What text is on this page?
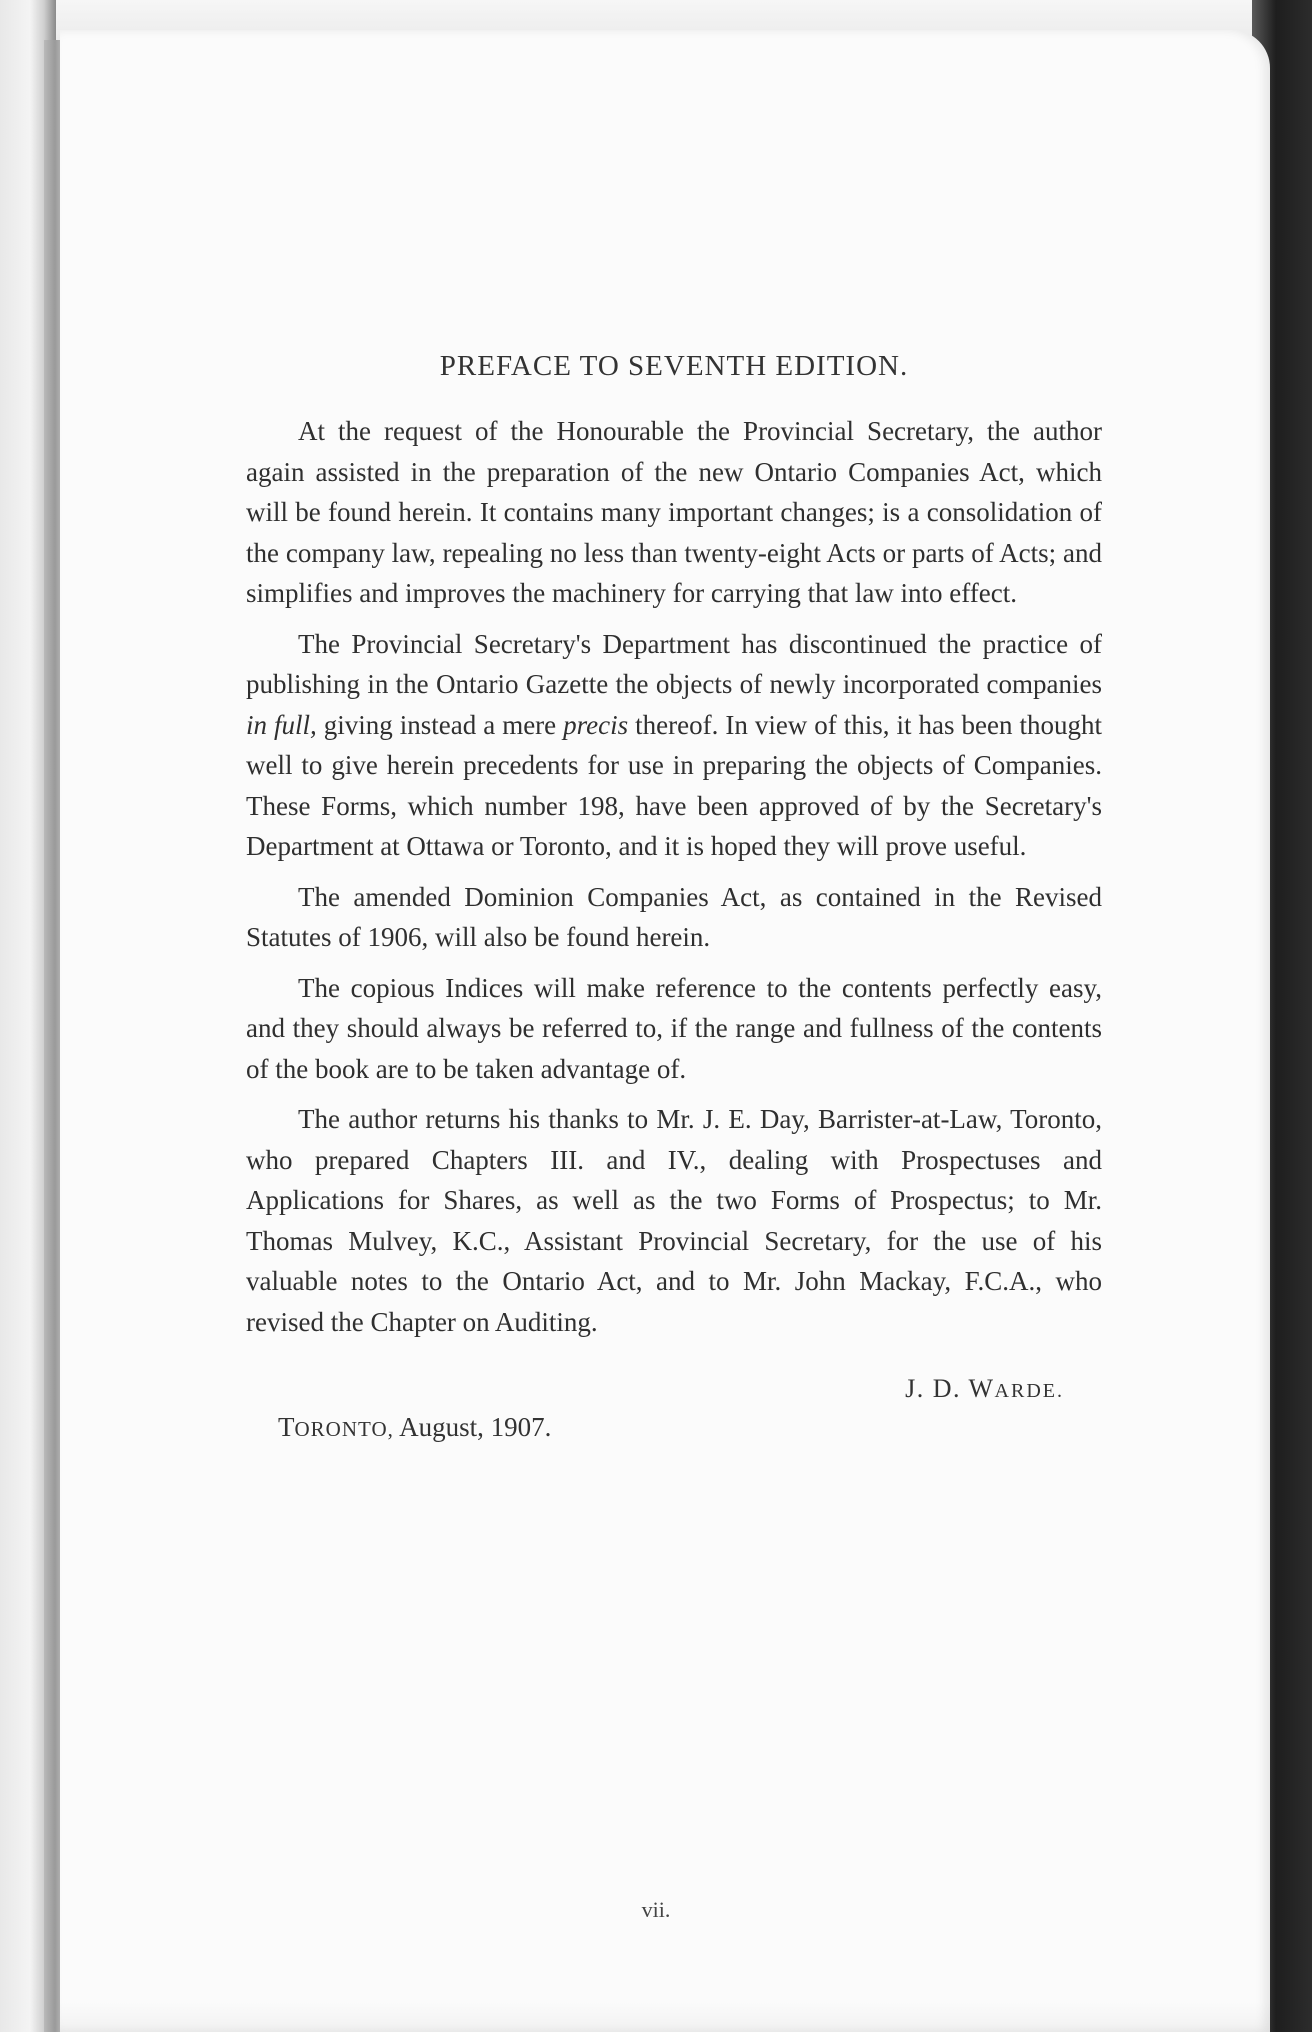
PREFACE TO SEVENTH EDITION.

At the request of the Honourable the Provincial Secretary, the author again assisted in the preparation of the new Ontario Companies Act, which will be found herein. It contains many important changes; is a consolidation of the company law, repealing no less than twenty-eight Acts or parts of Acts; and simplifies and improves the machinery for carrying that law into effect.

The Provincial Secretary's Department has discontinued the practice of publishing in the Ontario Gazette the objects of newly incorporated companies in full, giving instead a mere precis thereof. In view of this, it has been thought well to give herein precedents for use in preparing the objects of Companies. These Forms, which number 198, have been approved of by the Secretary's Department at Ottawa or Toronto, and it is hoped they will prove useful.

The amended Dominion Companies Act, as contained in the Revised Statutes of 1906, will also be found herein.

The copious Indices will make reference to the contents perfectly easy, and they should always be referred to, if the range and fullness of the contents of the book are to be taken advantage of.

The author returns his thanks to Mr. J. E. Day, Barrister-at-Law, Toronto, who prepared Chapters III. and IV., dealing with Prospectuses and Applications for Shares, as well as the two Forms of Prospectus; to Mr. Thomas Mulvey, K.C., Assistant Provincial Secretary, for the use of his valuable notes to the Ontario Act, and to Mr. John Mackay, F.C.A., who revised the Chapter on Auditing.

J. D. WARDE.
TORONTO, August, 1907.
vii.
